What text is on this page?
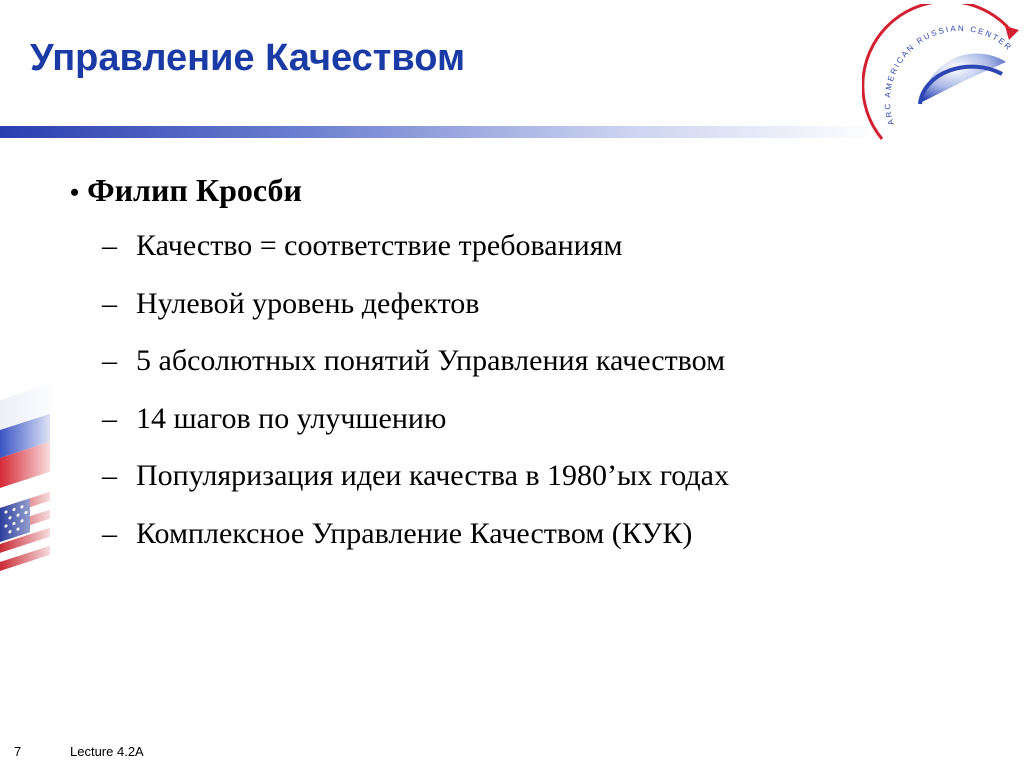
Управление Качеством
ARC AMERICAN RUSSIAN CENTER
• Филип Кросби
– Качество = соответствие требованиям
– Нулевой уровень дефектов
– 5 абсолютных понятий Управления качеством
– 14 шагов по улучшению
– Популяризация идеи качества в 1980’ых годах
– Комплексное Управление Качеством (КУК)
7	Lecture 4.2A
